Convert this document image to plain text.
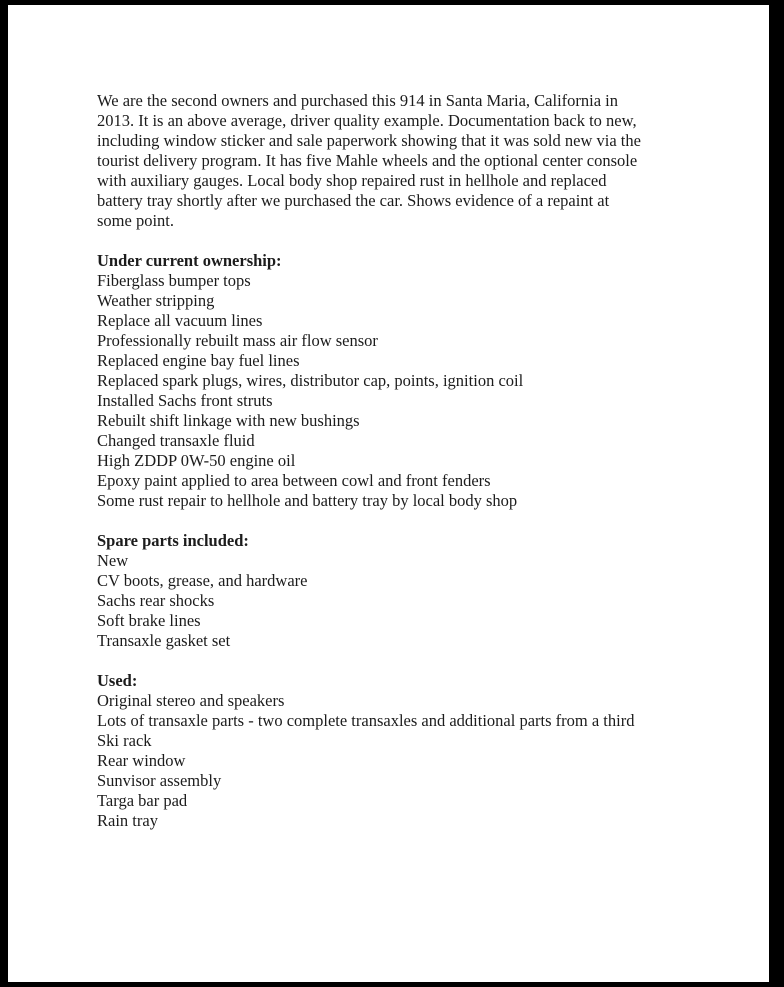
We are the second owners and purchased this 914 in Santa Maria, California in
2013. It is an above average, driver quality example. Documentation back to new,
including window sticker and sale paperwork showing that it was sold new via the
tourist delivery program. It has five Mahle wheels and the optional center console
with auxiliary gauges. Local body shop repaired rust in hellhole and replaced
battery tray shortly after we purchased the car. Shows evidence of a repaint at
some point.
Under current ownership:
Fiberglass bumper tops
Weather stripping
Replace all vacuum lines
Professionally rebuilt mass air flow sensor
Replaced engine bay fuel lines
Replaced spark plugs, wires, distributor cap, points, ignition coil
Installed Sachs front struts
Rebuilt shift linkage with new bushings
Changed transaxle fluid
High ZDDP 0W-50 engine oil
Epoxy paint applied to area between cowl and front fenders
Some rust repair to hellhole and battery tray by local body shop
Spare parts included:
New
CV boots, grease, and hardware
Sachs rear shocks
Soft brake lines
Transaxle gasket set
Used:
Original stereo and speakers
Lots of transaxle parts - two complete transaxles and additional parts from a third
Ski rack
Rear window
Sunvisor assembly
Targa bar pad
Rain tray
